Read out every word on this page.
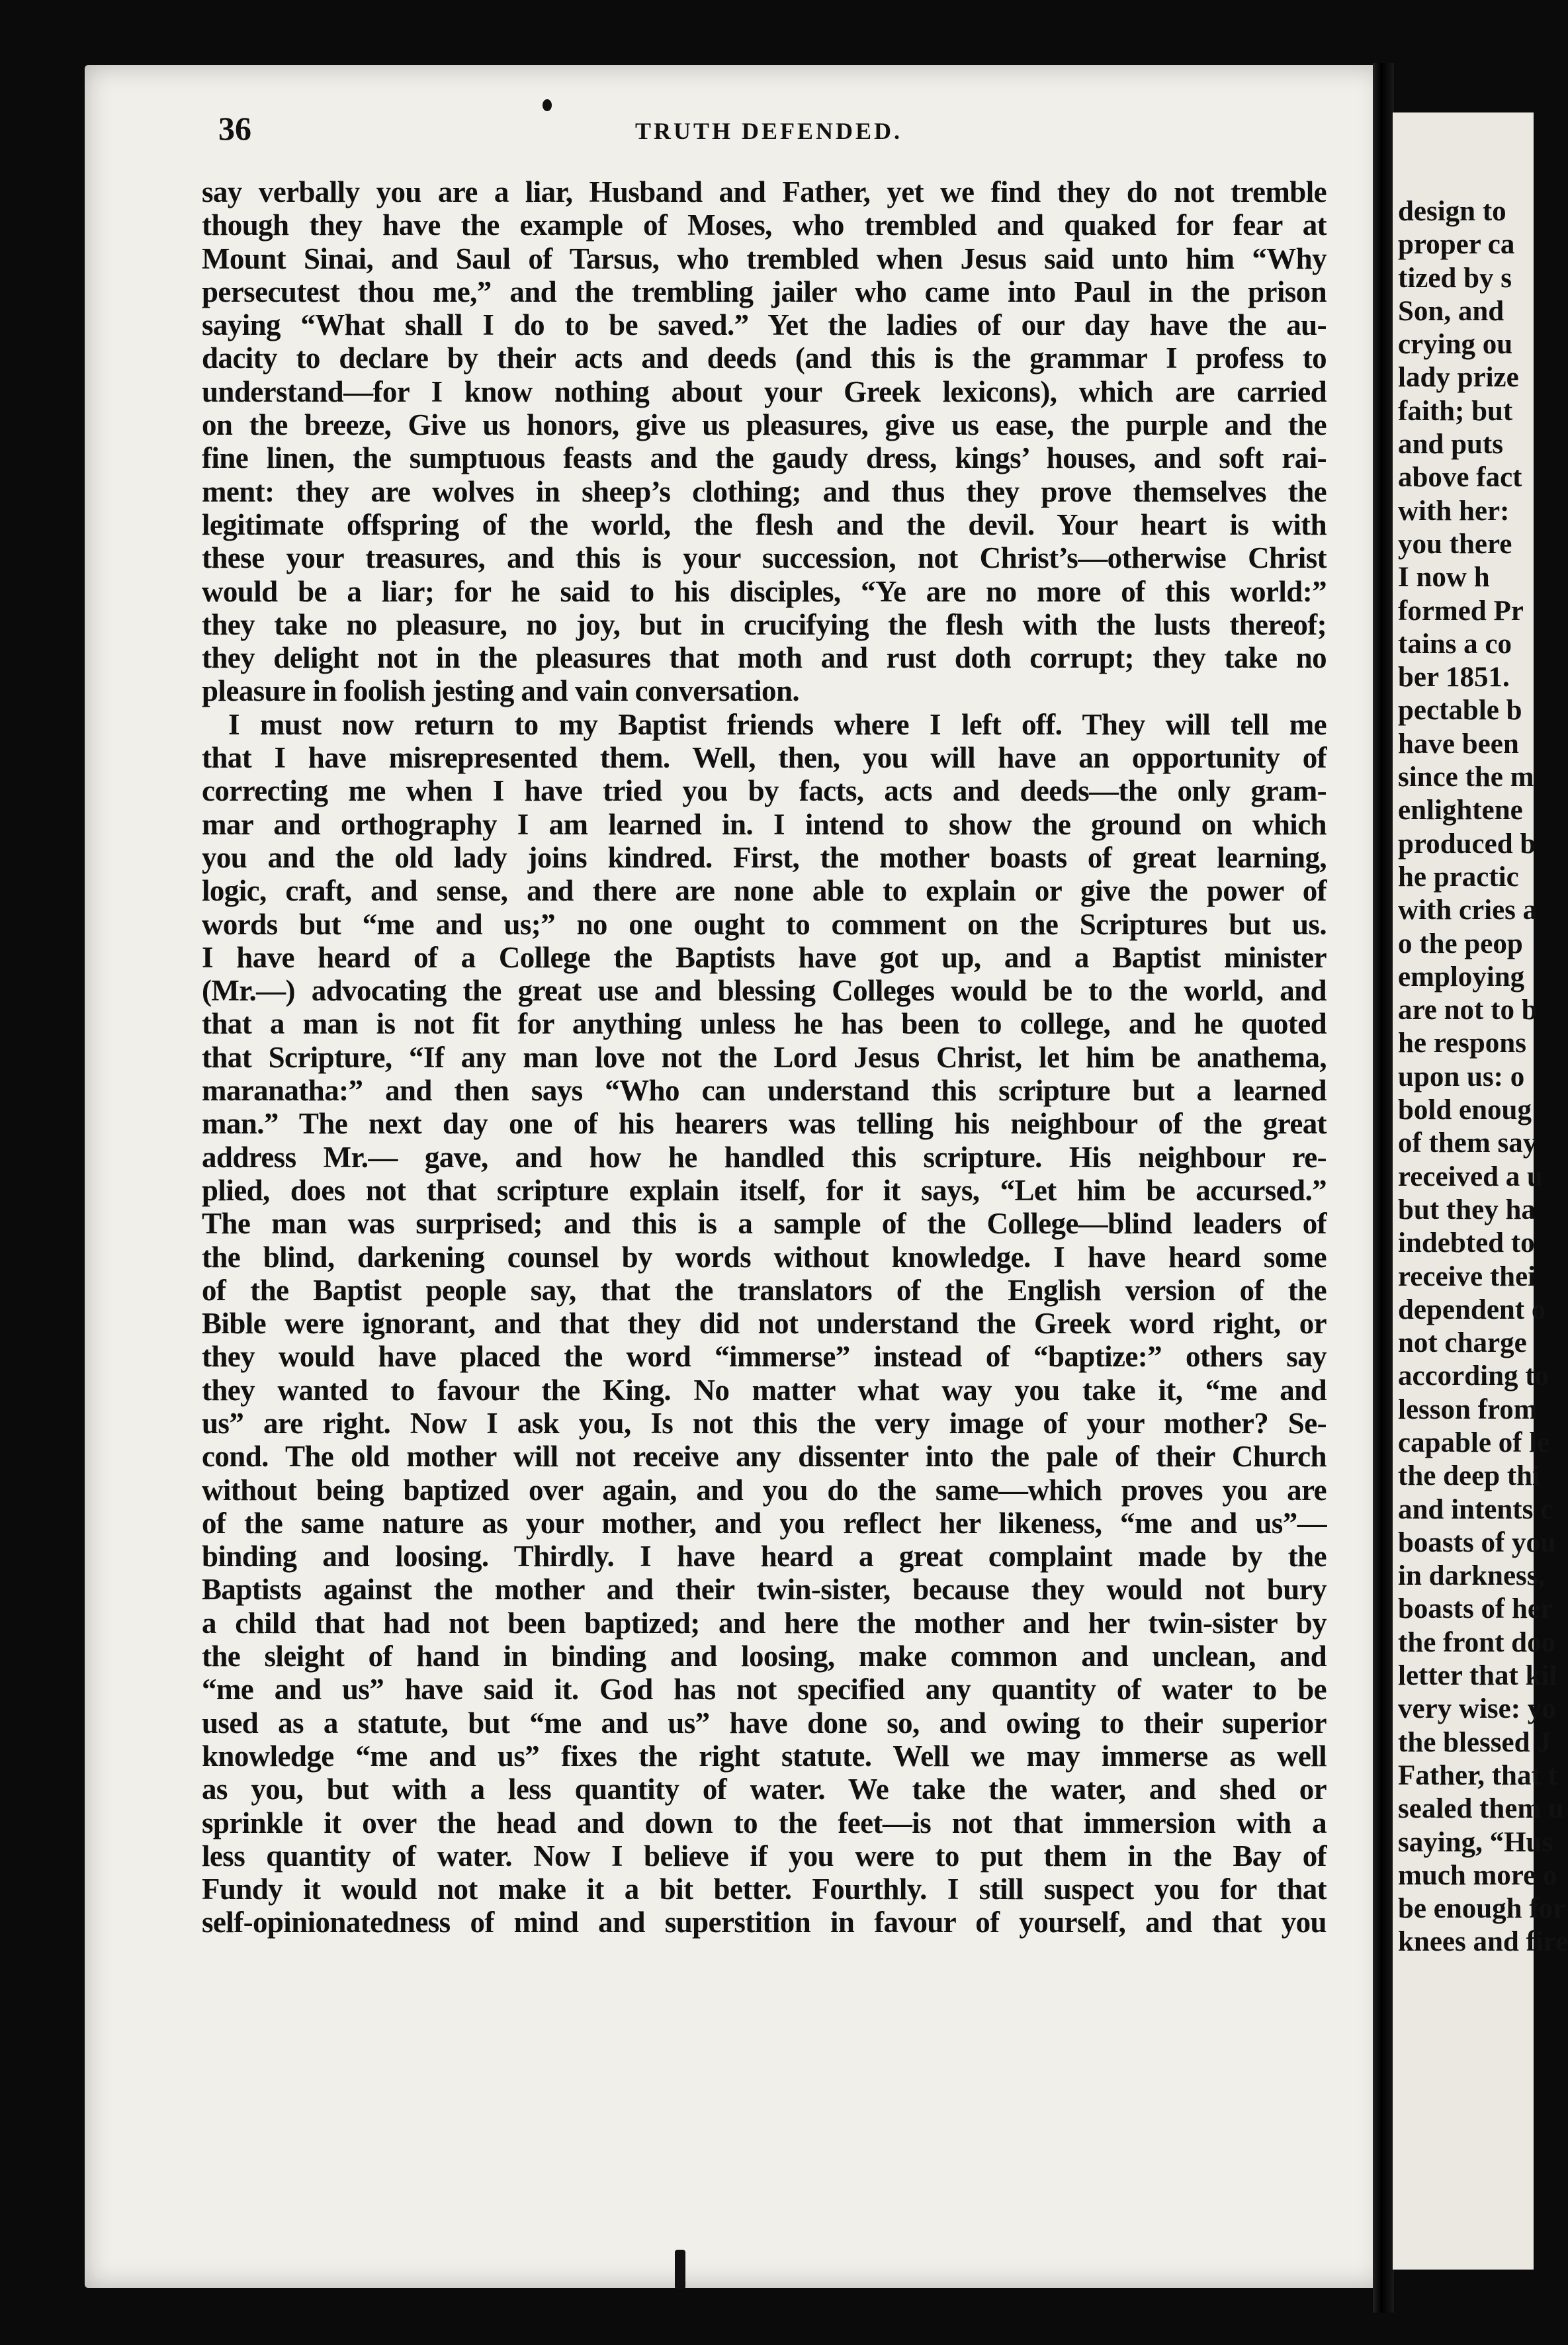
36	TRUTH DEFENDED.
say verbally you are a liar, Husband and Father, yet we find they do not tremble
though they have the example of Moses, who trembled and quaked for fear at
Mount Sinai, and Saul of Tarsus, who trembled when Jesus said unto him “Why
persecutest thou me,” and the trembling jailer who came into Paul in the prison
saying “What shall I do to be saved.” Yet the ladies of our day have the au-
dacity to declare by their acts and deeds (and this is the grammar I profess to
understand—for I know nothing about your Greek lexicons), which are carried
on the breeze, Give us honors, give us pleasures, give us ease, the purple and the
fine linen, the sumptuous feasts and the gaudy dress, kings’ houses, and soft rai-
ment: they are wolves in sheep’s clothing; and thus they prove themselves the
legitimate offspring of the world, the flesh and the devil. Your heart is with
these your treasures, and this is your succession, not Christ’s—otherwise Christ
would be a liar; for he said to his disciples, “Ye are no more of this world:”
they take no pleasure, no joy, but in crucifying the flesh with the lusts thereof;
they delight not in the pleasures that moth and rust doth corrupt; they take no
pleasure in foolish jesting and vain conversation.
I must now return to my Baptist friends where I left off. They will tell me
that I have misrepresented them. Well, then, you will have an opportunity of
correcting me when I have tried you by facts, acts and deeds—the only gram-
mar and orthography I am learned in. I intend to show the ground on which
you and the old lady joins kindred. First, the mother boasts of great learning,
logic, craft, and sense, and there are none able to explain or give the power of
words but “me and us;” no one ought to comment on the Scriptures but us.
I have heard of a College the Baptists have got up, and a Baptist minister
(Mr.—) advocating the great use and blessing Colleges would be to the world, and
that a man is not fit for anything unless he has been to college, and he quoted
that Scripture, “If any man love not the Lord Jesus Christ, let him be anathema,
maranatha:” and then says “Who can understand this scripture but a learned
man.” The next day one of his hearers was telling his neighbour of the great
address Mr.— gave, and how he handled this scripture. His neighbour re-
plied, does not that scripture explain itself, for it says, “Let him be accursed.”
The man was surprised; and this is a sample of the College—blind leaders of
the blind, darkening counsel by words without knowledge. I have heard some
of the Baptist people say, that the translators of the English version of the
Bible were ignorant, and that they did not understand the Greek word right, or
they would have placed the word “immerse” instead of “baptize:” others say
they wanted to favour the King. No matter what way you take it, “me and
us” are right. Now I ask you, Is not this the very image of your mother? Se-
cond. The old mother will not receive any dissenter into the pale of their Church
without being baptized over again, and you do the same—which proves you are
of the same nature as your mother, and you reflect her likeness, “me and us”—
binding and loosing. Thirdly. I have heard a great complaint made by the
Baptists against the mother and their twin-sister, because they would not bury
a child that had not been baptized; and here the mother and her twin-sister by
the sleight of hand in binding and loosing, make common and unclean, and
“me and us” have said it. God has not specified any quantity of water to be
used as a statute, but “me and us” have done so, and owing to their superior
knowledge “me and us” fixes the right statute. Well we may immerse as well
as you, but with a less quantity of water. We take the water, and shed or
sprinkle it over the head and down to the feet—is not that immersion with a
less quantity of water. Now I believe if you were to put them in the Bay of
Fundy it would not make it a bit better. Fourthly. I still suspect you for that
self-opinionatedness of mind and superstition in favour of yourself, and that you
design to
proper ca
tized by s
Son, and
crying ou
lady prize
faith; but
and puts
above fact
with her:
you there
I now h
formed Pr
tains a co
ber 1851.
pectable b
have been
since the m
enlightene
produced b
he practic
with cries a
o the peop
employing
are not to b
he respons
upon us: o
bold enoug
of them say
received a u
but they ha
indebted to
receive thei
dependent o
not charge
according to
lesson from
capable of le
the deep thi
and intents c
boasts of you
in darkness,
boasts of her
the front doo
letter that kil
very wise: yo
the blessed J
Father, that t
sealed them u
saying, “Hus
much more o
be enough for
knees and fire
